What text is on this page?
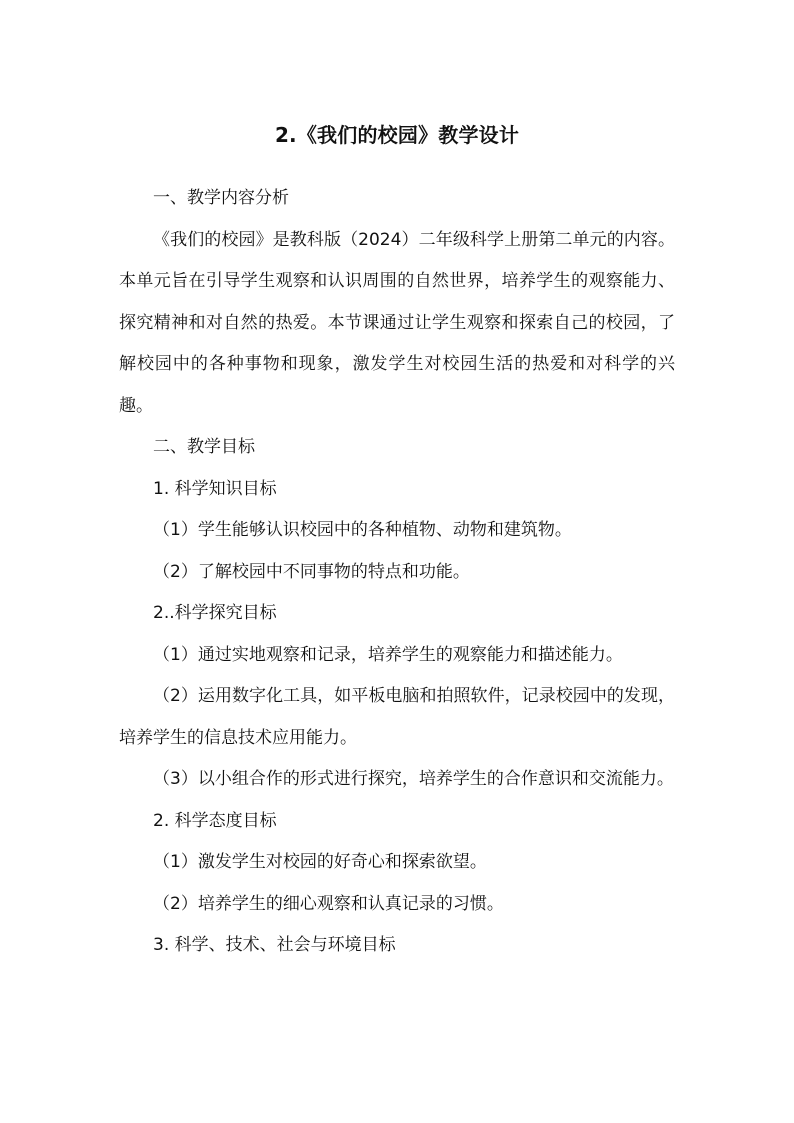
2.《我们的校园》教学设计

一、教学内容分析

《我们的校园》是教科版（2024）二年级科学上册第二单元的内容。本单元旨在引导学生观察和认识周围的自然世界，培养学生的观察能力、探究精神和对自然的热爱。本节课通过让学生观察和探索自己的校园，了解校园中的各种事物和现象，激发学生对校园生活的热爱和对科学的兴趣。

二、教学目标

1. 科学知识目标

（1）学生能够认识校园中的各种植物、动物和建筑物。

（2）了解校园中不同事物的特点和功能。

2..科学探究目标

（1）通过实地观察和记录，培养学生的观察能力和描述能力。

（2）运用数字化工具，如平板电脑和拍照软件，记录校园中的发现，培养学生的信息技术应用能力。

（3）以小组合作的形式进行探究，培养学生的合作意识和交流能力。

2. 科学态度目标

（1）激发学生对校园的好奇心和探索欲望。

（2）培养学生的细心观察和认真记录的习惯。

3. 科学、技术、社会与环境目标
